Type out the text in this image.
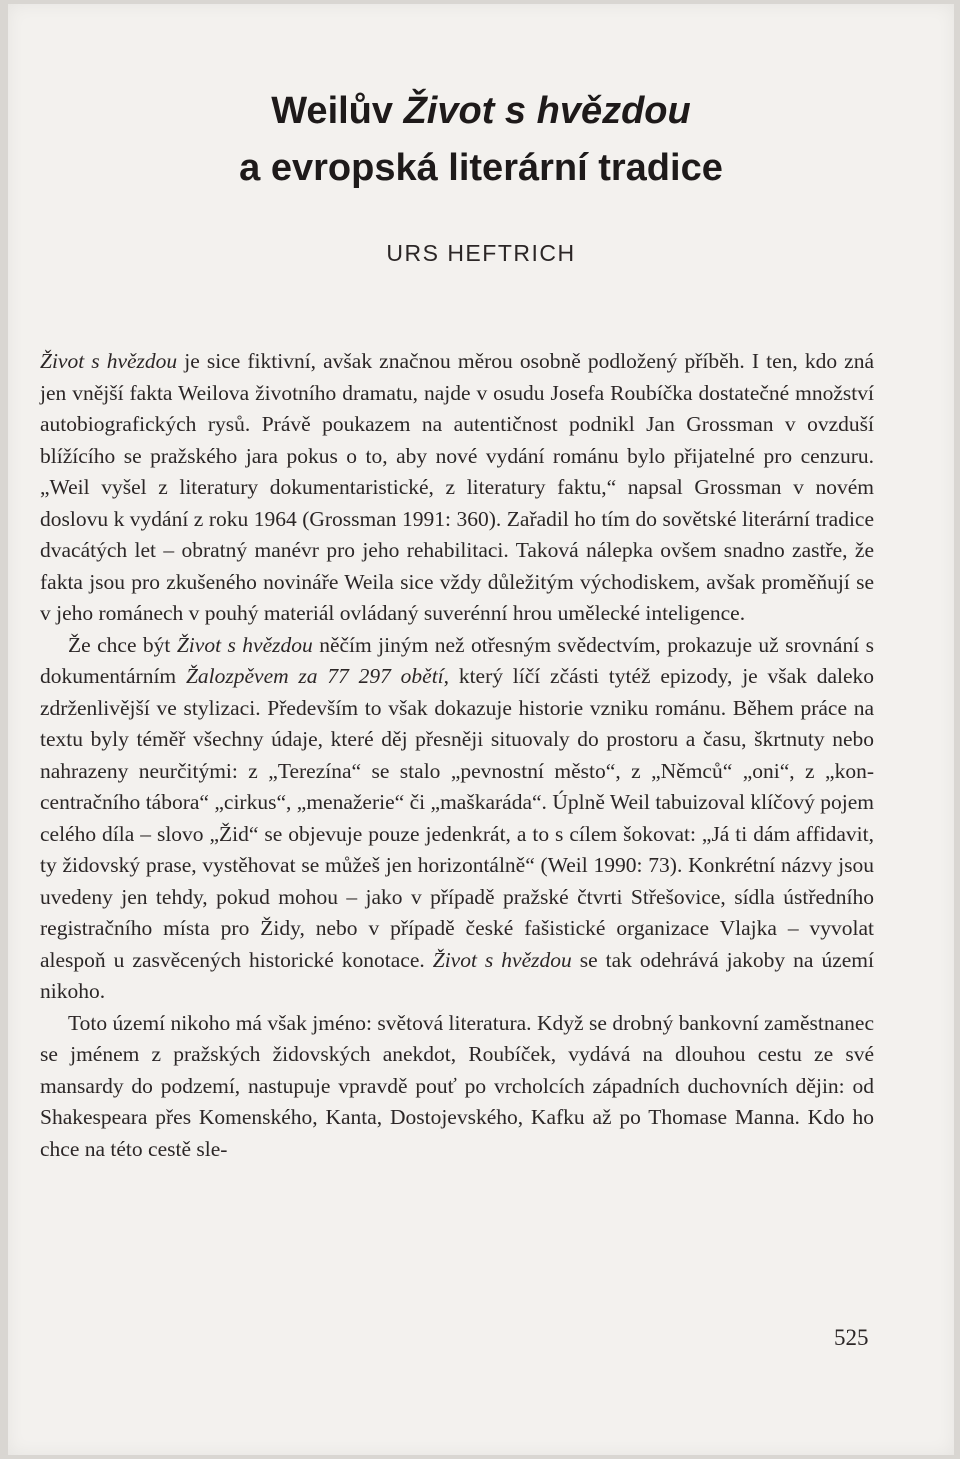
Weilův Život s hvězdou
a evropská literární tradice
URS HEFTRICH

Život s hvězdou je sice fiktivní, avšak značnou měrou osobně podložený příběh. I ten, kdo zná jen vnější fakta Weilova životního dramatu, najde v osudu Josefa Roubíčka dostatečné množství autobiografických rysů. Právě poukazem na autentičnost podnikl Jan Grossman v ovzduší blížícího se pražského jara pokus o to, aby nové vydání románu bylo přijatelné pro cenzuru. „Weil vyšel z literatury dokumentaristické, z literatury faktu,“ napsal Grossman v novém doslovu k vydání z roku 1964 (Grossman 1991: 360). Zařadil ho tím do sovětské literární tradice dvacátých let – obratný manévr pro jeho rehabilitaci. Taková nálepka ovšem snadno zastře, že fakta jsou pro zkušeného novináře Weila sice vždy důležitým východiskem, avšak proměňují se v jeho románech v pouhý materiál ovládaný suverénní hrou umělecké inteligence.

Že chce být Život s hvězdou něčím jiným než otřesným svědectvím, prokazuje už srovnání s dokumentárním Žalozpěvem za 77 297 obětí, který líčí zčásti tytéž epizody, je však daleko zdrženlivější ve stylizaci. Především to však dokazuje historie vzniku románu. Během práce na textu byly téměř všechny údaje, které děj přesněji situovaly do prostoru a času, škrtnuty nebo nahrazeny neurčitými: z „Terezína“ se stalo „pevnostní město“, z „Němců“ „oni“, z „koncentračního tábora“ „cirkus“, „menažerie“ či „maškaráda“. Úplně Weil tabuizoval klíčový pojem celého díla – slovo „Žid“ se objevuje pouze jedenkrát, a to s cílem šokovat: „Já ti dám affidavit, ty židovský prase, vystěhovat se můžeš jen horizontálně“ (Weil 1990: 73). Konkrétní názvy jsou uvedeny jen tehdy, pokud mohou – jako v případě pražské čtvrti Střešovice, sídla ústředního registračního místa pro Židy, nebo v případě české fašistické organizace Vlajka – vyvolat alespoň u zasvěcených historické konotace. Život s hvězdou se tak odehrává jakoby na území nikoho.

Toto území nikoho má však jméno: světová literatura. Když se drobný bankovní zaměstnanec se jménem z pražských židovských anekdot, Roubíček, vydává na dlouhou cestu ze své mansardy do podzemí, nastupuje vpravdě pouť po vrcholcích západních duchovních dějin: od Shakespeara přes Komenského, Kanta, Dostojevského, Kafku až po Thomase Manna. Kdo ho chce na této cestě sle-

525
